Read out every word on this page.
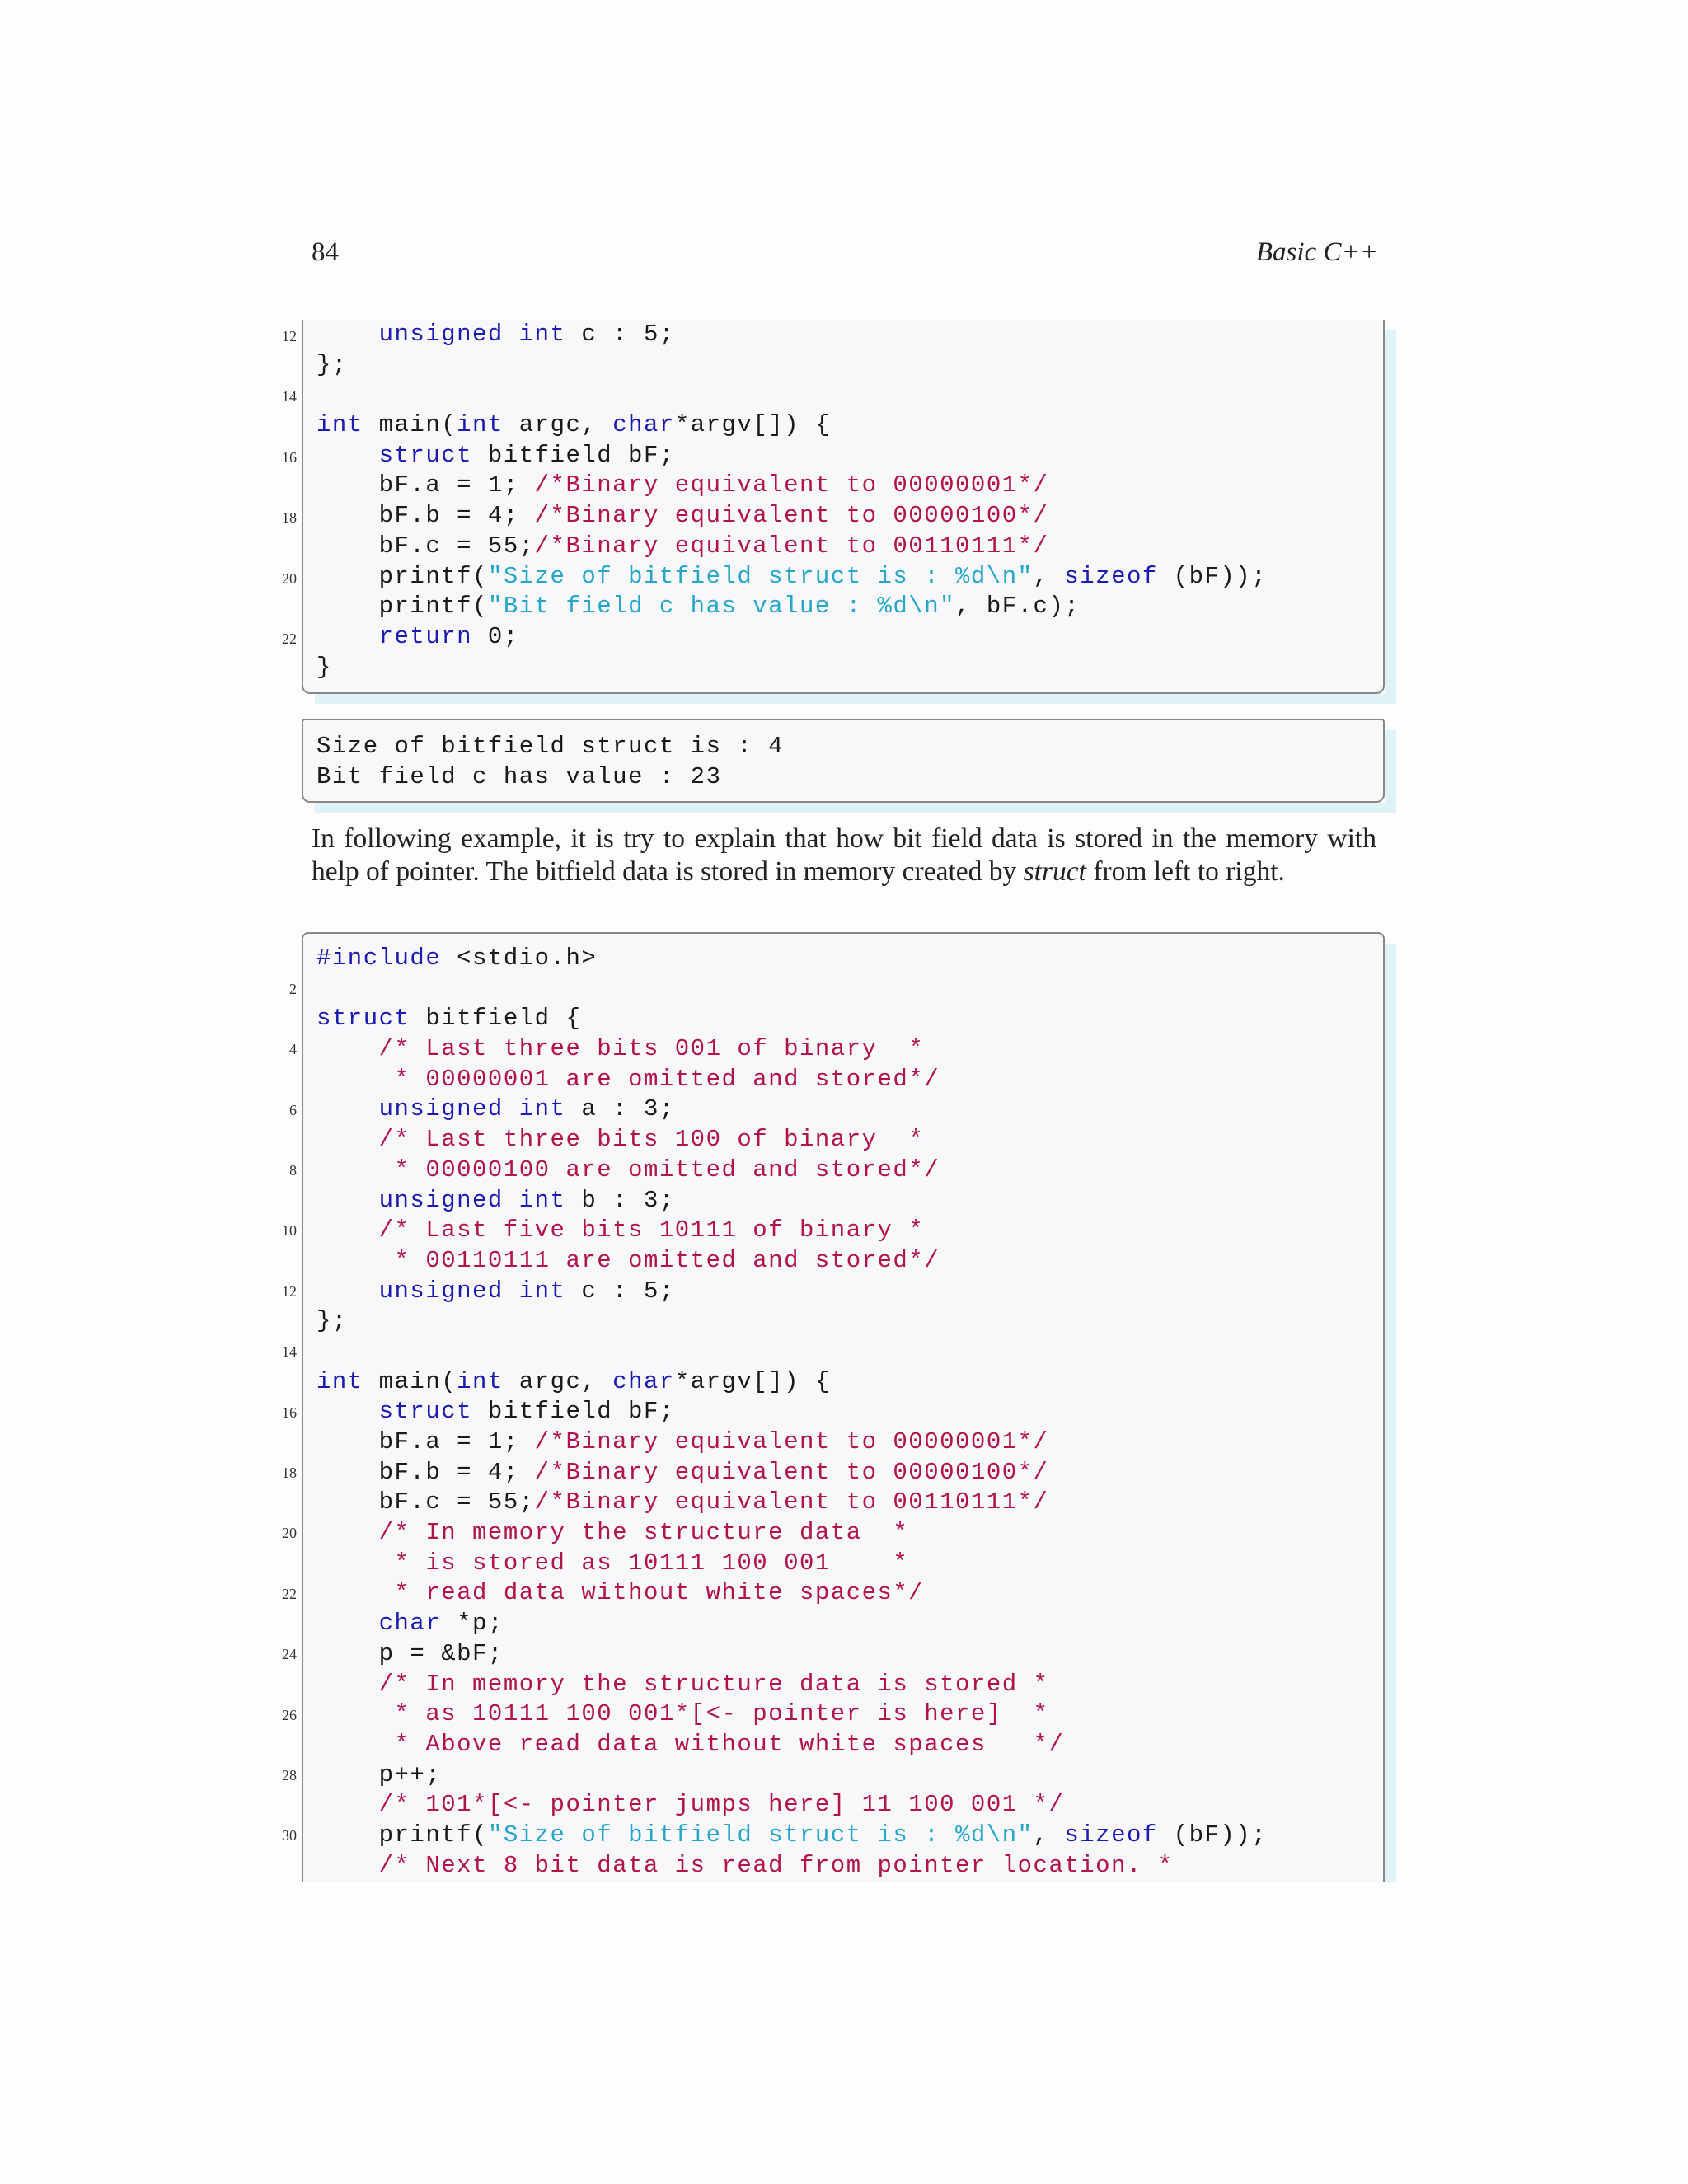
84	Basic C++
unsigned int c : 5;
};
int main(int argc, char*argv[]) {
struct bitfield bF;
bF.a = 1; /*Binary equivalent to 00000001*/
bF.b = 4; /*Binary equivalent to 00000100*/
bF.c = 55;/*Binary equivalent to 00110111*/
printf("Size of bitfield struct is : %d\n", sizeof (bF));
printf("Bit field c has value : %d\n", bF.c);
return 0;
}
12
14
16
18
20
22
Size of bitfield struct is : 4
Bit field c has value : 23

In following example, it is try to explain that how bit field data is stored in the memory with help of pointer. The bitfield data is stored in memory created by struct from left to right.

#include <stdio.h>
struct bitfield {
/* Last three bits 001 of binary  *
* 00000001 are omitted and stored*/
unsigned int a : 3;
/* Last three bits 100 of binary  *
* 00000100 are omitted and stored*/
unsigned int b : 3;
/* Last five bits 10111 of binary *
* 00110111 are omitted and stored*/
unsigned int c : 5;
};
int main(int argc, char*argv[]) {
struct bitfield bF;
bF.a = 1; /*Binary equivalent to 00000001*/
bF.b = 4; /*Binary equivalent to 00000100*/
bF.c = 55;/*Binary equivalent to 00110111*/
/* In memory the structure data  *
* is stored as 10111 100 001    *
* read data without white spaces*/
char *p;
p = &bF;
/* In memory the structure data is stored *
* as 10111 100 001*[<- pointer is here]  *
* Above read data without white spaces   */
p++;
/* 101*[<- pointer jumps here] 11 100 001 */
printf("Size of bitfield struct is : %d\n", sizeof (bF));
/* Next 8 bit data is read from pointer location. *
2
4
6
8
10
12
14
16
18
20
22
24
26
28
30
